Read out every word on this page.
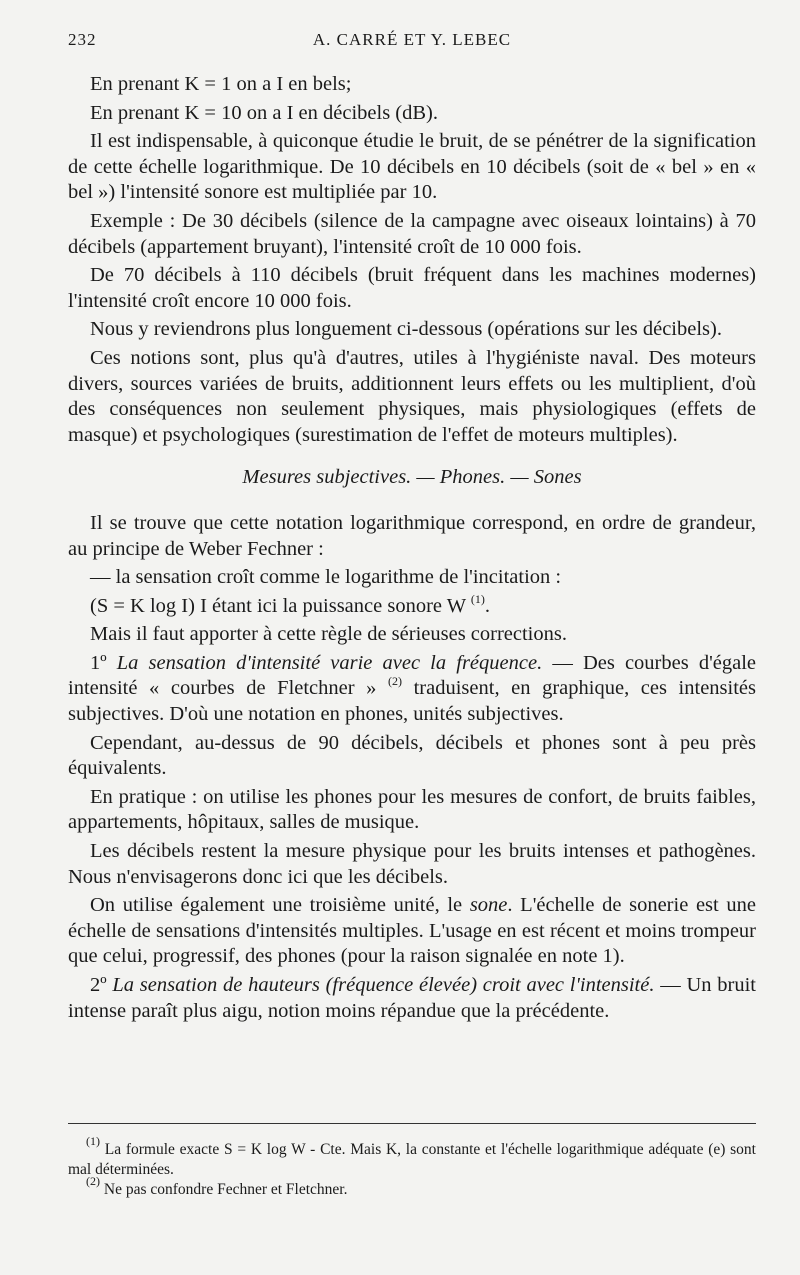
232	A. CARRÉ ET Y. LEBEC

En prenant K = 1 on a I en bels;

En prenant K = 10 on a I en décibels (dB).

Il est indispensable, à quiconque étudie le bruit, de se pénétrer de la signification de cette échelle logarithmique. De 10 décibels en 10 décibels (soit de « bel » en « bel ») l'intensité sonore est multipliée par 10.

Exemple : De 30 décibels (silence de la campagne avec oiseaux lointains) à 70 décibels (appartement bruyant), l'intensité croît de 10 000 fois.

De 70 décibels à 110 décibels (bruit fréquent dans les machines modernes) l'intensité croît encore 10 000 fois.

Nous y reviendrons plus longuement ci-dessous (opérations sur les décibels).

Ces notions sont, plus qu'à d'autres, utiles à l'hygiéniste naval. Des moteurs divers, sources variées de bruits, additionnent leurs effets ou les multiplient, d'où des conséquences non seulement physiques, mais physiologiques (effets de masque) et psychologiques (surestimation de l'effet de moteurs multiples).

Mesures subjectives. — Phones. — Sones

Il se trouve que cette notation logarithmique correspond, en ordre de grandeur, au principe de Weber Fechner :

— la sensation croît comme le logarithme de l'incitation :

(S = K log I) I étant ici la puissance sonore W $^{(1)}$.

Mais il faut apporter à cette règle de sérieuses corrections.

1º La sensation d'intensité varie avec la fréquence. — Des courbes d'égale intensité « courbes de Fletchner » $^{(2)}$ traduisent, en graphique, ces intensités subjectives. D'où une notation en phones, unités subjectives.

Cependant, au-dessus de 90 décibels, décibels et phones sont à peu près équivalents.

En pratique : on utilise les phones pour les mesures de confort, de bruits faibles, appartements, hôpitaux, salles de musique.

Les décibels restent la mesure physique pour les bruits intenses et pathogènes. Nous n'envisagerons donc ici que les décibels.

On utilise également une troisième unité, le sone. L'échelle de sonerie est une échelle de sensations d'intensités multiples. L'usage en est récent et moins trompeur que celui, progressif, des phones (pour la raison signalée en note 1).

2º La sensation de hauteurs (fréquence élevée) croit avec l'intensité. — Un bruit intense paraît plus aigu, notion moins répandue que la précédente.

$^{(1)}$ La formule exacte S = K log W - Cte. Mais K, la constante et l'échelle logarithmique adéquate (e) sont mal déterminées.

$^{(2)}$ Ne pas confondre Fechner et Fletchner.
